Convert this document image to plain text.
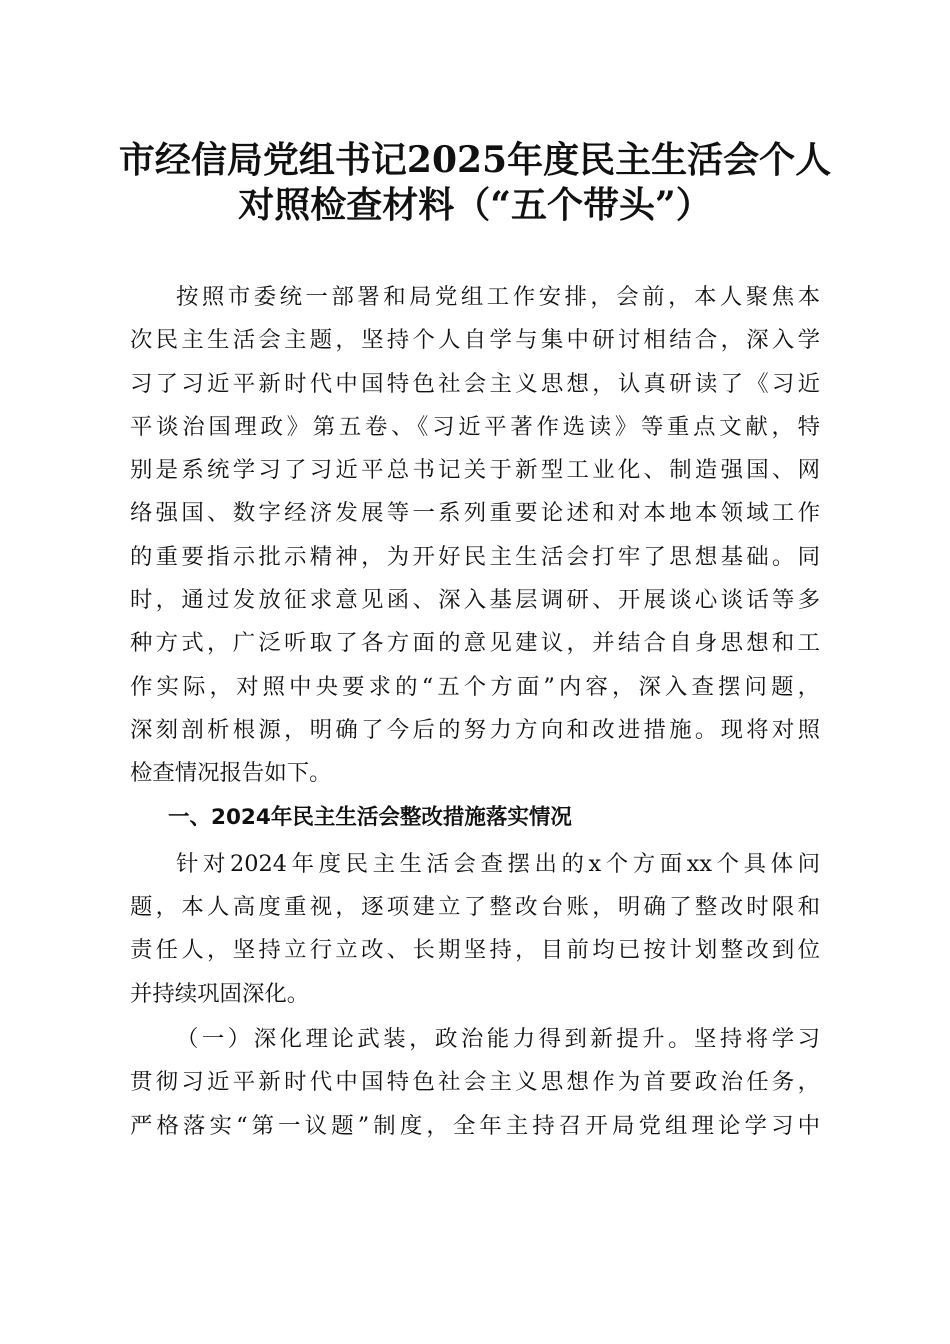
市经信局党组书记2025年度民主生活会个人
对照检查材料（“五个带头”）
按照市委统一部署和局党组工作安排，会前，本人聚焦本
次民主生活会主题，坚持个人自学与集中研讨相结合，深入学
习了习近平新时代中国特色社会主义思想，认真研读了《习近
平谈治国理政》第五卷、《习近平著作选读》等重点文献，特
别是系统学习了习近平总书记关于新型工业化、制造强国、网
络强国、数字经济发展等一系列重要论述和对本地本领域工作
的重要指示批示精神，为开好民主生活会打牢了思想基础。同
时，通过发放征求意见函、深入基层调研、开展谈心谈话等多
种方式，广泛听取了各方面的意见建议，并结合自身思想和工
作实际，对照中央要求的“五个方面”内容，深入查摆问题，
深刻剖析根源，明确了今后的努力方向和改进措施。现将对照
检查情况报告如下。
一、2024年民主生活会整改措施落实情况
针对2024年度民主生活会查摆出的x个方面xx个具体问
题，本人高度重视，逐项建立了整改台账，明确了整改时限和
责任人，坚持立行立改、长期坚持，目前均已按计划整改到位
并持续巩固深化。
（一）深化理论武装，政治能力得到新提升。坚持将学习
贯彻习近平新时代中国特色社会主义思想作为首要政治任务，
严格落实“第一议题”制度，全年主持召开局党组理论学习中
